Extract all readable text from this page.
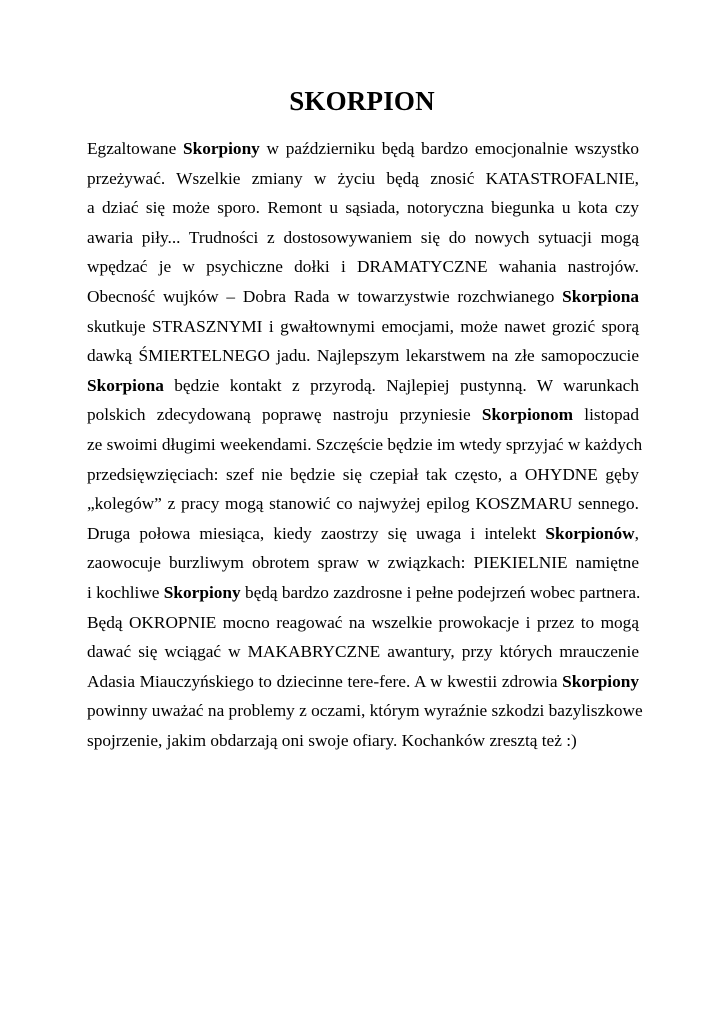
SKORPION
Egzaltowane Skorpiony w październiku będą bardzo emocjonalnie wszystko
przeżywać. Wszelkie zmiany w życiu będą znosić KATASTROFALNIE,
a dziać się może sporo. Remont u sąsiada, notoryczna biegunka u kota czy
awaria piły... Trudności z dostosowywaniem się do nowych sytuacji mogą
wpędzać je w psychiczne dołki i DRAMATYCZNE wahania nastrojów.
Obecność wujków – Dobra Rada w towarzystwie rozchwianego Skorpiona
skutkuje STRASZNYMI i gwałtownymi emocjami, może nawet grozić sporą
dawką ŚMIERTELNEGO jadu. Najlepszym lekarstwem na złe samopoczucie
Skorpiona będzie kontakt z przyrodą. Najlepiej pustynną. W warunkach
polskich zdecydowaną poprawę nastroju przyniesie Skorpionom listopad
ze swoimi długimi weekendami. Szczęście będzie im wtedy sprzyjać w każdych
przedsięwzięciach: szef nie będzie się czepiał tak często, a OHYDNE gęby
„kolegów” z pracy mogą stanowić co najwyżej epilog KOSZMARU sennego.
Druga połowa miesiąca, kiedy zaostrzy się uwaga i intelekt Skorpionów,
zaowocuje burzliwym obrotem spraw w związkach: PIEKIELNIE namiętne
i kochliwe Skorpiony będą bardzo zazdrosne i pełne podejrzeń wobec partnera.
Będą OKROPNIE mocno reagować na wszelkie prowokacje i przez to mogą
dawać się wciągać w MAKABRYCZNE awantury, przy których mrauczenie
Adasia Miauczyńskiego to dziecinne tere-fere. A w kwestii zdrowia Skorpiony
powinny uważać na problemy z oczami, którym wyraźnie szkodzi bazyliszkowe
spojrzenie, jakim obdarzają oni swoje ofiary. Kochanków zresztą też :)
